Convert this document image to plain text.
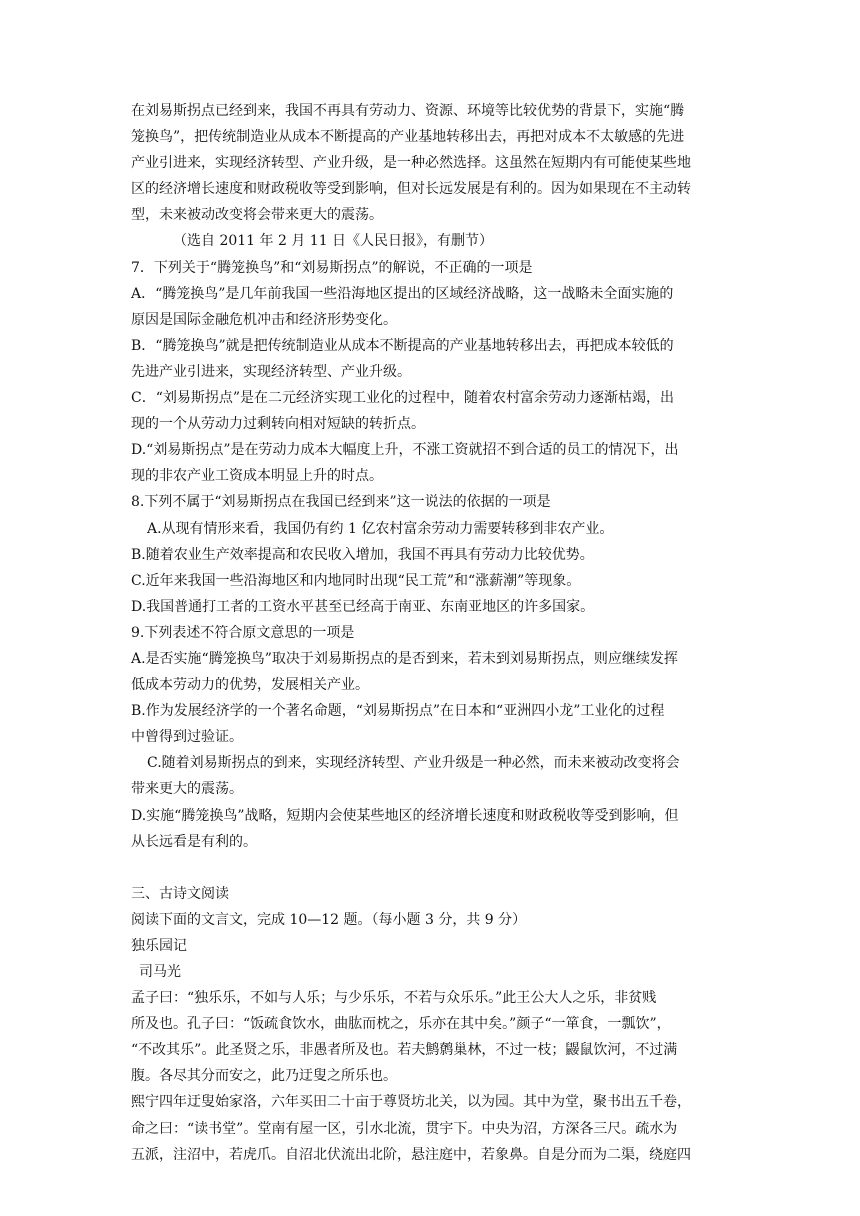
在刘易斯拐点已经到来，我国不再具有劳动力、资源、环境等比较优势的背景下，实施“腾

笼换鸟”，把传统制造业从成本不断提高的产业基地转移出去，再把对成本不太敏感的先进

产业引进来，实现经济转型、产业升级，是一种必然选择。这虽然在短期内有可能使某些地

区的经济增长速度和财政税收等受到影响，但对长远发展是有利的。因为如果现在不主动转

型，未来被动改变将会带来更大的震荡。

（选自 2011 年 2 月 11 日《人民日报》，有删节）

7．下列关于“腾笼换鸟”和“刘易斯拐点”的解说，不正确的一项是

A．“腾笼换鸟”是几年前我国一些沿海地区提出的区域经济战略，这一战略未全面实施的

原因是国际金融危机冲击和经济形势变化。

B．“腾笼换鸟”就是把传统制造业从成本不断提高的产业基地转移出去，再把成本较低的

先进产业引进来，实现经济转型、产业升级。

C．“刘易斯拐点”是在二元经济实现工业化的过程中，随着农村富余劳动力逐渐枯竭，出

现的一个从劳动力过剩转向相对短缺的转折点。

D.“刘易斯拐点”是在劳动力成本大幅度上升，不涨工资就招不到合适的员工的情况下，出

现的非农产业工资成本明显上升的时点。

8.下列不属于“刘易斯拐点在我国已经到来”这一说法的依据的一项是

A.从现有情形来看，我国仍有约 1 亿农村富余劳动力需要转移到非农产业。

B.随着农业生产效率提高和农民收入增加，我国不再具有劳动力比较优势。

C.近年来我国一些沿海地区和内地同时出现“民工荒”和“涨薪潮”等现象。

D.我国普通打工者的工资水平甚至已经高于南亚、东南亚地区的许多国家。

9.下列表述不符合原文意思的一项是

A.是否实施“腾笼换鸟”取决于刘易斯拐点的是否到来，若未到刘易斯拐点，则应继续发挥

低成本劳动力的优势，发展相关产业。

B.作为发展经济学的一个著名命题，“刘易斯拐点”在日本和“亚洲四小龙”工业化的过程

中曾得到过验证。

C.随着刘易斯拐点的到来，实现经济转型、产业升级是一种必然，而未来被动改变将会

带来更大的震荡。

D.实施“腾笼换鸟”战略，短期内会使某些地区的经济增长速度和财政税收等受到影响，但

从长远看是有利的。

三、古诗文阅读

阅读下面的文言文，完成 10—12 题。（每小题 3 分，共 9 分）

独乐园记

司马光

孟子曰：“独乐乐，不如与人乐；与少乐乐，不若与众乐乐。”此王公大人之乐，非贫贱

所及也。孔子曰：“饭疏食饮水，曲肱而枕之，乐亦在其中矣。”颜子“一箪食，一瓢饮”，

“不改其乐”。此圣贤之乐，非愚者所及也。若夫鹪鹩巢林，不过一枝；鼹鼠饮河，不过满

腹。各尽其分而安之，此乃迂叟之所乐也。

熙宁四年迂叟始家洛，六年买田二十亩于尊贤坊北关，以为园。其中为堂，聚书出五千卷，

命之曰：“读书堂”。堂南有屋一区，引水北流，贯宇下。中央为沼，方深各三尺。疏水为

五派，注沼中，若虎爪。自沼北伏流出北阶，悬注庭中，若象鼻。自是分而为二渠，绕庭四
